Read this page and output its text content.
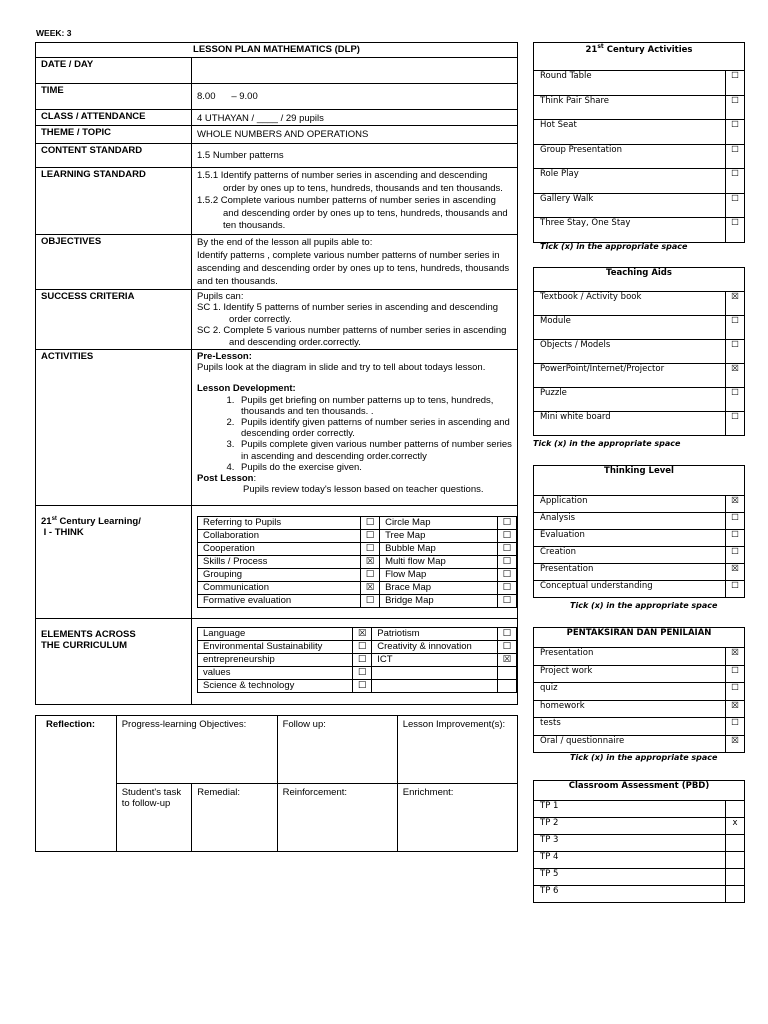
WEEK: 3
LESSON PLAN MATHEMATICS (DLP)
DATE / DAY	
TIME	8.00      – 9.00
CLASS / ATTENDANCE	4 UTHAYAN / ____ / 29 pupils
THEME / TOPIC	WHOLE NUMBERS AND OPERATIONS
CONTENT STANDARD	1.5 Number patterns
LEARNING STANDARD	1.5.1 Identify patterns of number series in ascending and descending order by ones up to tens, hundreds, thousands and ten thousands.
1.5.2 Complete various number patterns of number series in ascending and descending order by ones up to tens, hundreds, thousands and ten thousands.

OBJECTIVES	By the end of the lesson all pupils able to:
Identify patterns , complete various number patterns of number series in ascending and descending order by ones up to tens, hundreds, thousands and ten thousands.

SUCCESS CRITERIA	Pupils can:
SC 1. Identify 5 patterns of number series in ascending and descending order correctly.
SC 2. Complete 5 various number patterns of number series in ascending and descending order.correctly.

ACTIVITIES	Pre-Lesson:
Pupils look at the diagram in slide and try to tell about todays lesson.
Lesson Development:
1. Pupils get briefing on number patterns up to tens, hundreds, thousands and ten thousands. .
2. Pupils identify given patterns of number series in ascending and descending order correctly.
3. Pupils complete given various number patterns of number series in ascending and descending order.correctly
4. Pupils do the exercise given.
Post Lesson:
Pupils review today's lesson based on teacher questions.

21st Century Learning/
I - THINK	
Referring to Pupils	☐	Circle Map	☐
Collaboration	☐	Tree Map	☐
Cooperation	☐	Bubble Map	☐
Skills / Process	☒	Multi flow Map	☐
Grouping	☐	Flow Map	☐
Communication	☒	Brace Map	☐
Formative evaluation	☐	Bridge Map	☐

ELEMENTS ACROSS
THE CURRICULUM

Language	☒	Patriotism	☐
Environmental Sustainability	☐	Creativity & innovation	☐
entrepreneurship	☐	ICT	☒
values	☐		
Science & technology	☐		
Reflection:	Progress-learning Objectives:		Follow up:	Lesson Improvement(s):
	Student's task to follow-up	Remedial:	Reinforcement:	Enrichment:
21st Century Activities	
Round Table	☐
Think Pair Share	☐
Hot Seat	☐
Group Presentation	☐
Role Play	☐
Gallery Walk	☐
Three Stay, One Stay	☐
Tick (x) in the appropriate space
Teaching Aids	
Textbook / Activity book	☒
Module	☐
Objects / Models	☐
PowerPoint/Internet/Projector	☒
Puzzle	☐
Mini white board	☐
Tick (x) in the appropriate space
Thinking Level	
Application	☒
Analysis	☐
Evaluation	☐
Creation	☐
Presentation	☒
Conceptual understanding	☐
Tick (x) in the appropriate space
PENTAKSIRAN DAN PENILAIAN	
Presentation	☒
Project work	☐
quiz	☐
homework	☒
tests	☐
Oral / questionnaire	☒
Tick (x) in the appropriate space
Classroom Assessment (PBD)	
TP 1	
TP 2	x
TP 3	
TP 4	
TP 5	
TP 6	
